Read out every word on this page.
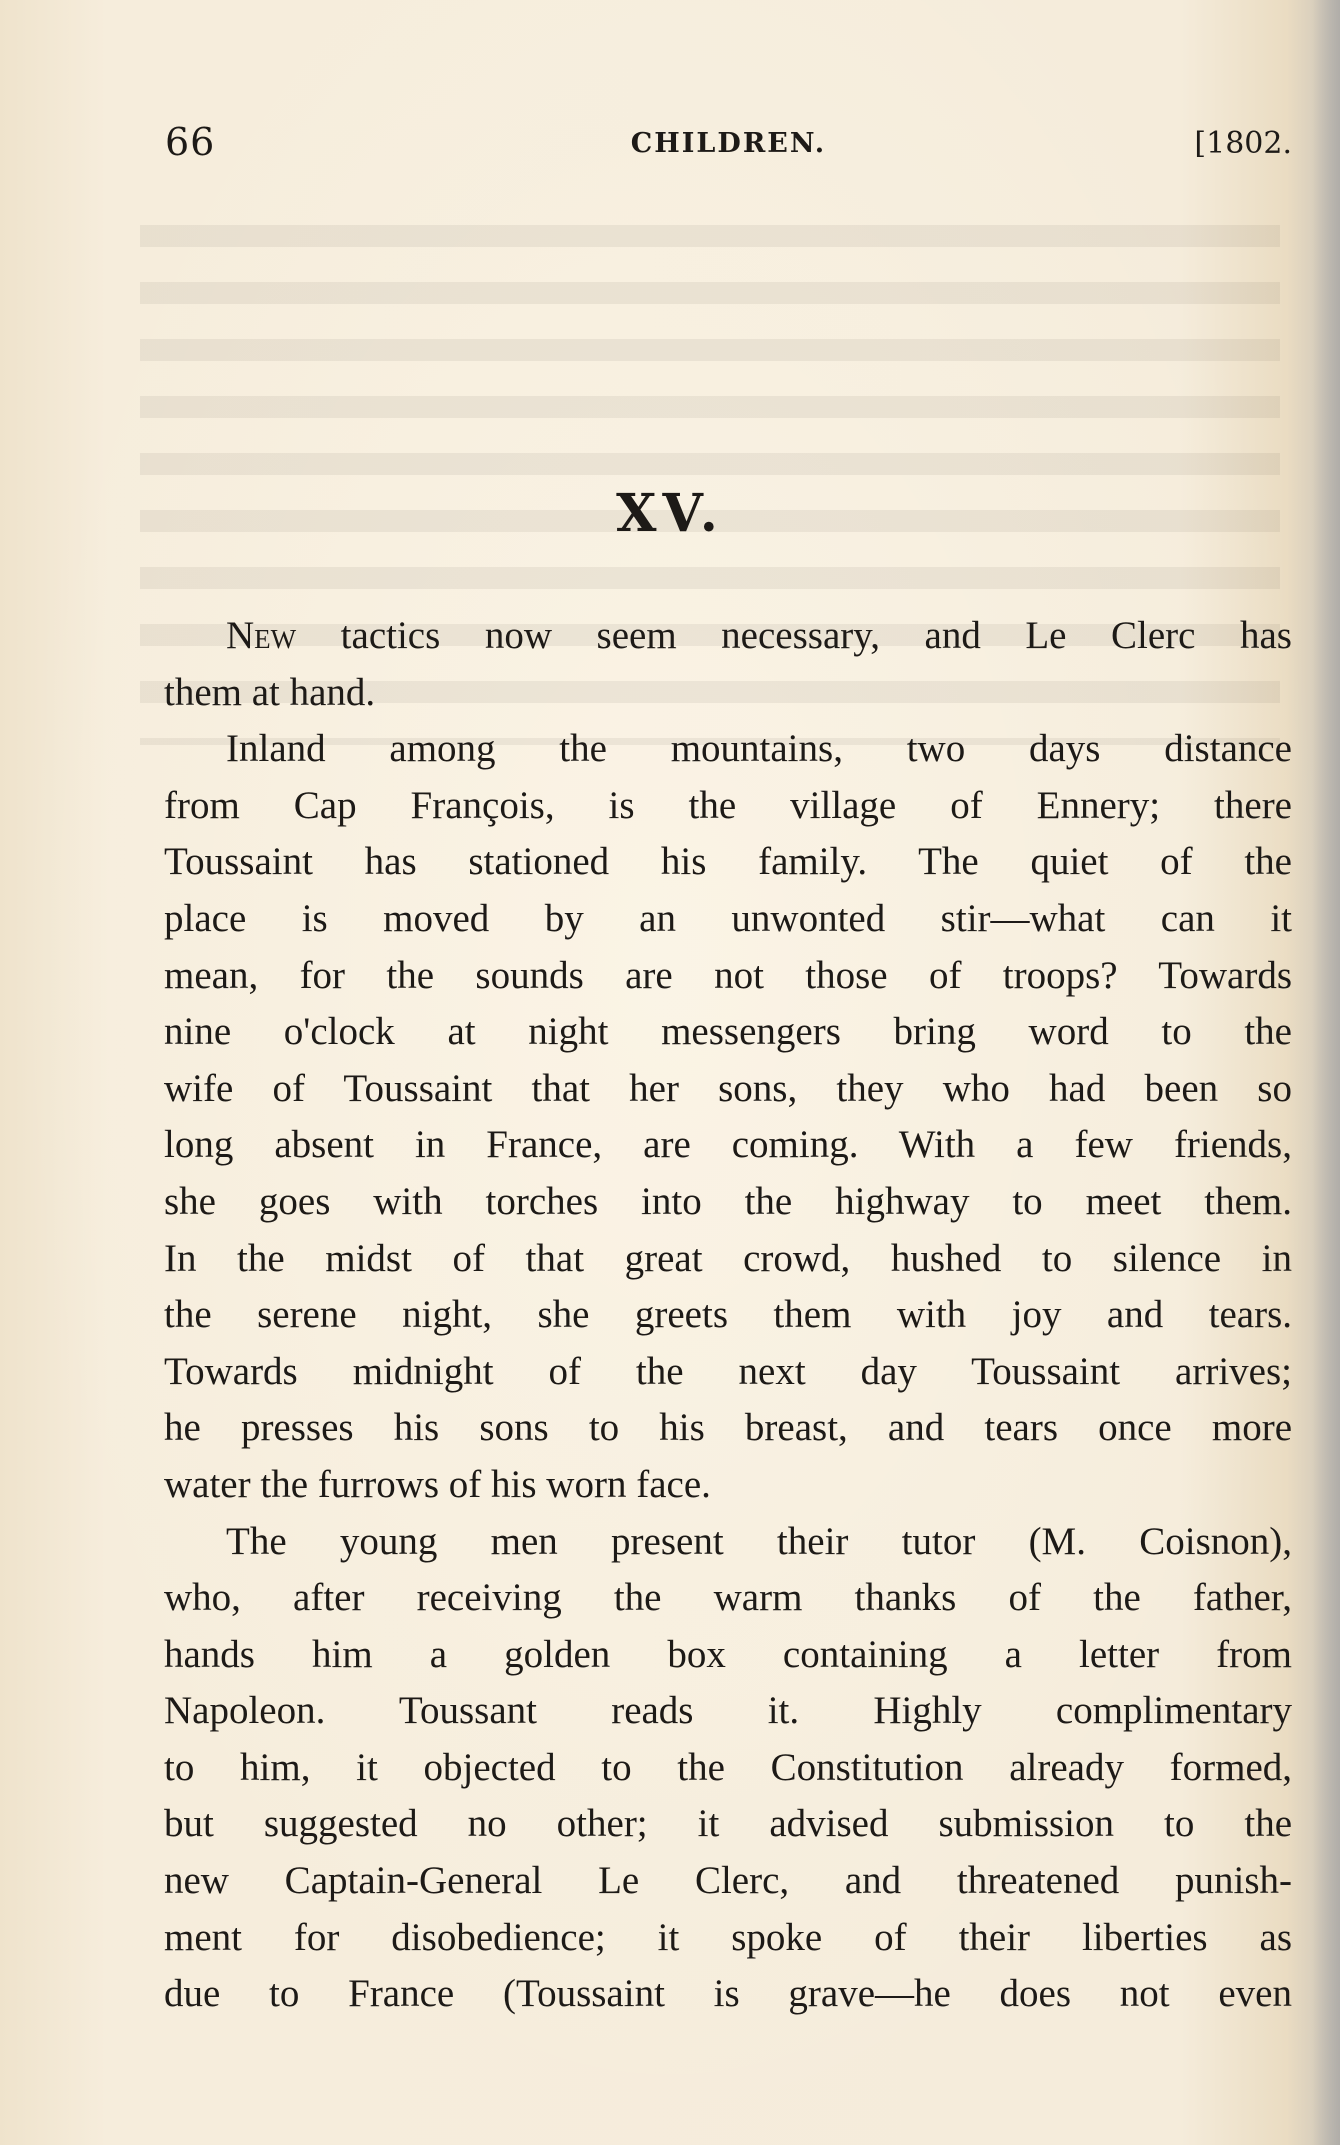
66	CHILDREN.	[1802.
XV.
New tactics now seem necessary, and Le Clerc has
them at hand.
Inland among the mountains, two days distance
from Cap François, is the village of Ennery; there
Toussaint has stationed his family. The quiet of the
place is moved by an unwonted stir—what can it
mean, for the sounds are not those of troops? Towards
nine o'clock at night messengers bring word to the
wife of Toussaint that her sons, they who had been so
long absent in France, are coming. With a few friends,
she goes with torches into the highway to meet them.
In the midst of that great crowd, hushed to silence in
the serene night, she greets them with joy and tears.
Towards midnight of the next day Toussaint arrives;
he presses his sons to his breast, and tears once more
water the furrows of his worn face.
The young men present their tutor (M. Coisnon),
who, after receiving the warm thanks of the father,
hands him a golden box containing a letter from
Napoleon. Toussant reads it. Highly complimentary
to him, it objected to the Constitution already formed,
but suggested no other; it advised submission to the
new Captain-General Le Clerc, and threatened punish-
ment for disobedience; it spoke of their liberties as
due to France (Toussaint is grave—he does not even
